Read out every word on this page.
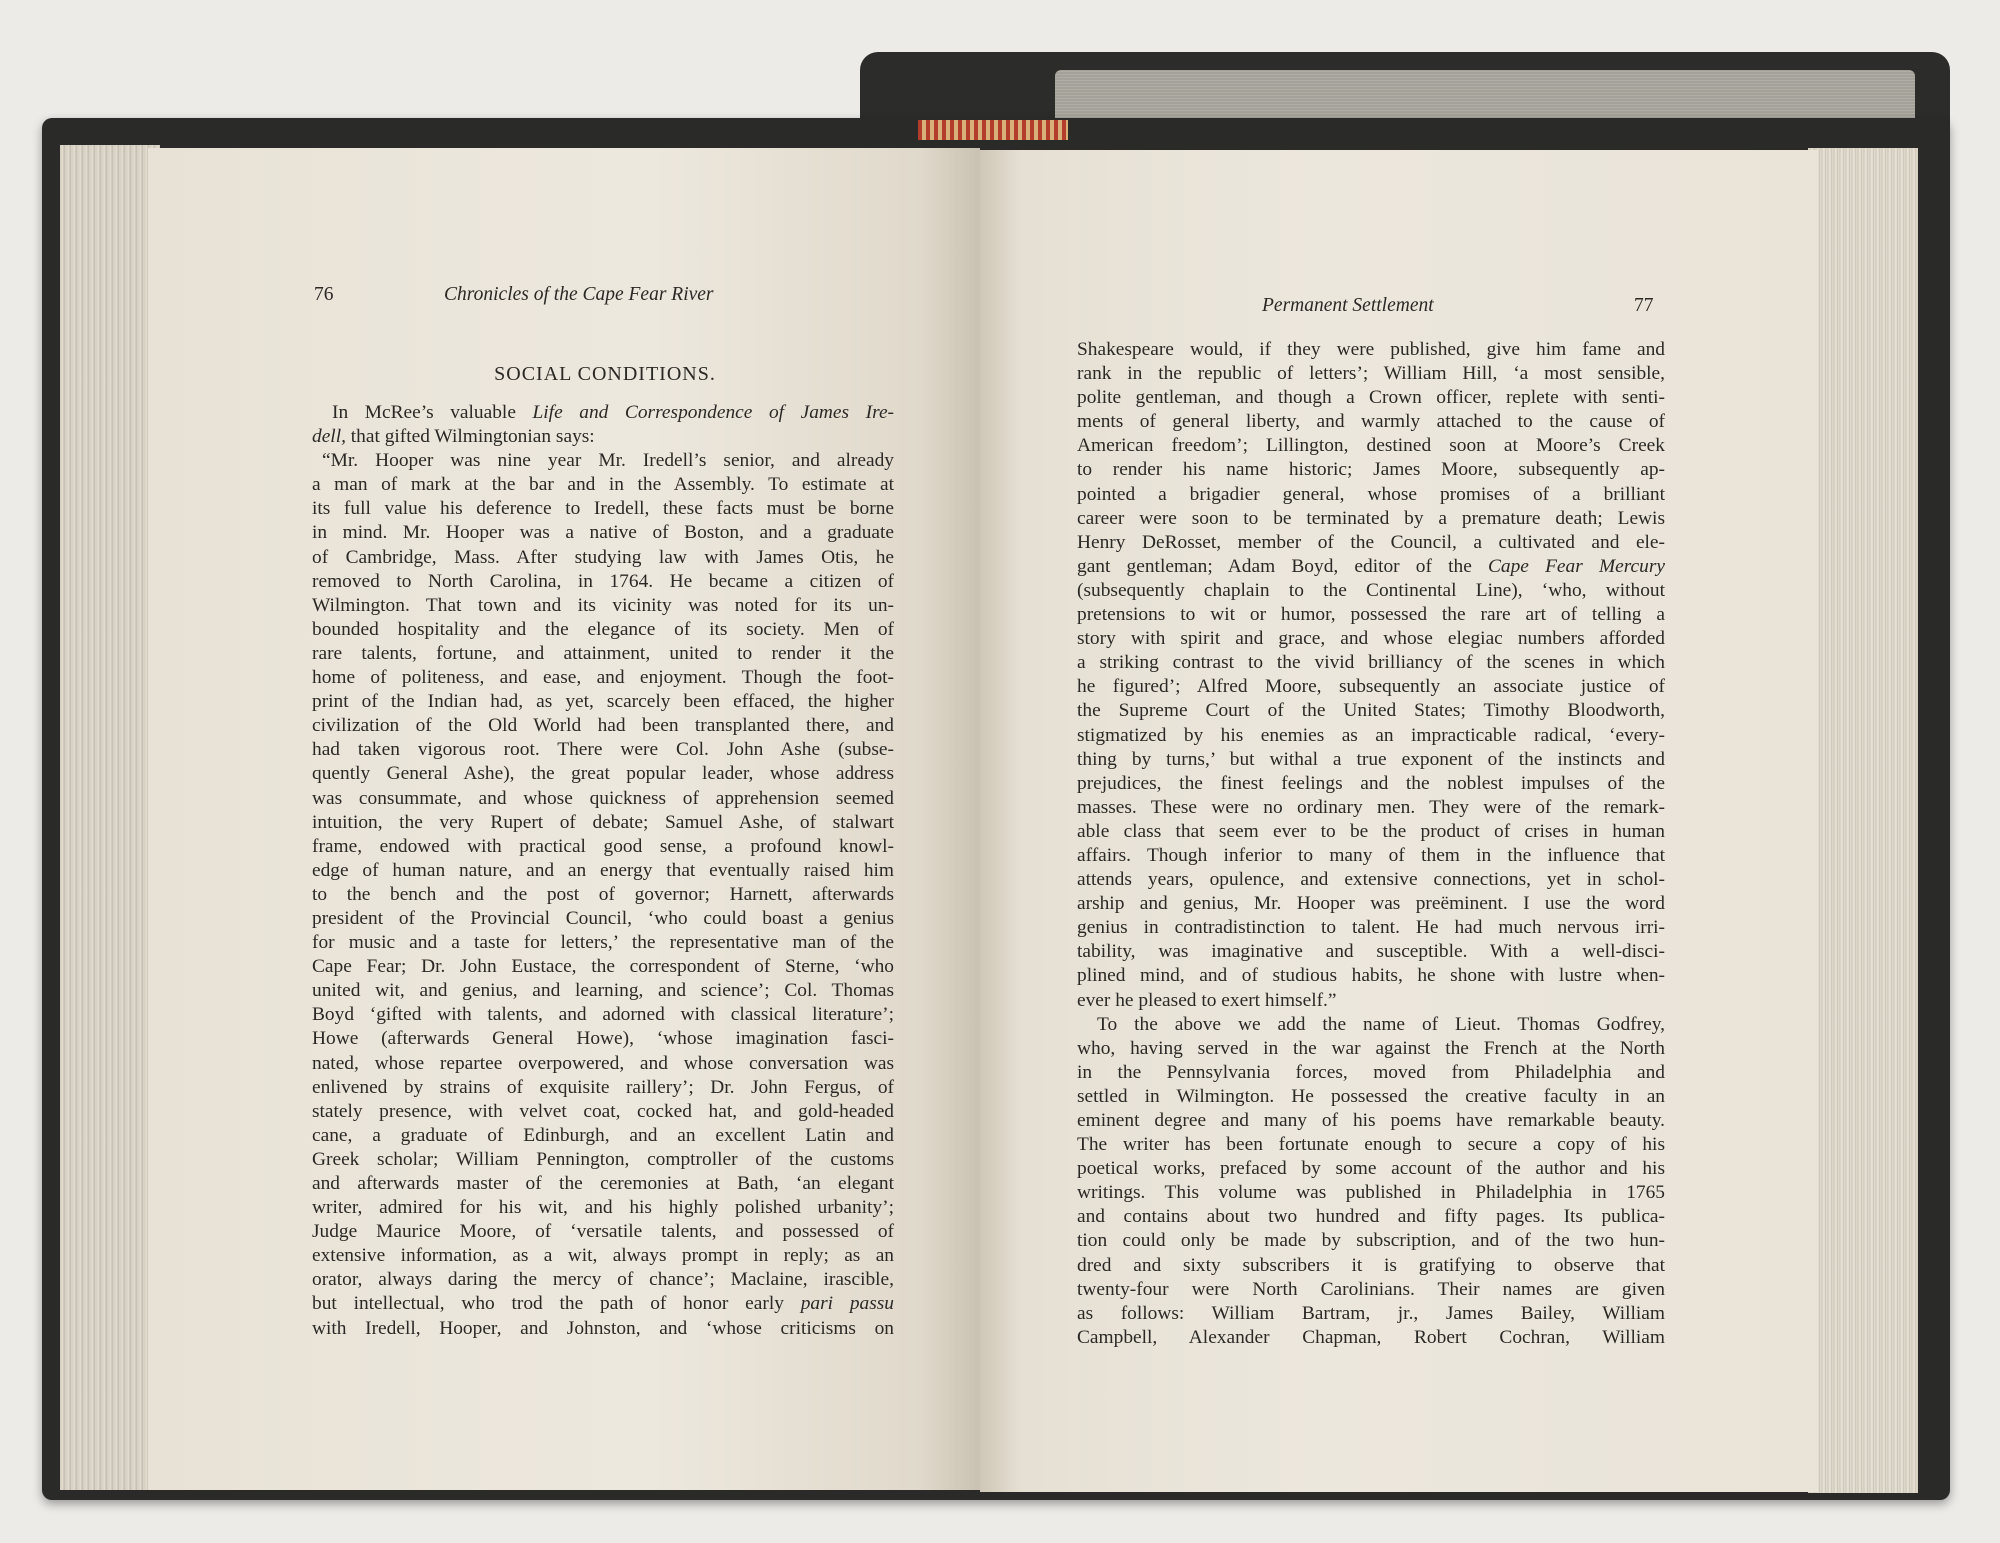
76	Chronicles of the Cape Fear River
SOCIAL CONDITIONS.
In McRee’s valuable Life and Correspondence of James Ire-
dell, that gifted Wilmingtonian says:
“Mr. Hooper was nine year Mr. Iredell’s senior, and already
a man of mark at the bar and in the Assembly. To estimate at
its full value his deference to Iredell, these facts must be borne
in mind. Mr. Hooper was a native of Boston, and a graduate
of Cambridge, Mass. After studying law with James Otis, he
removed to North Carolina, in 1764. He became a citizen of
Wilmington. That town and its vicinity was noted for its un-
bounded hospitality and the elegance of its society. Men of
rare talents, fortune, and attainment, united to render it the
home of politeness, and ease, and enjoyment. Though the foot-
print of the Indian had, as yet, scarcely been effaced, the higher
civilization of the Old World had been transplanted there, and
had taken vigorous root. There were Col. John Ashe (subse-
quently General Ashe), the great popular leader, whose address
was consummate, and whose quickness of apprehension seemed
intuition, the very Rupert of debate; Samuel Ashe, of stalwart
frame, endowed with practical good sense, a profound knowl-
edge of human nature, and an energy that eventually raised him
to the bench and the post of governor; Harnett, afterwards
president of the Provincial Council, ‘who could boast a genius
for music and a taste for letters,’ the representative man of the
Cape Fear; Dr. John Eustace, the correspondent of Sterne, ‘who
united wit, and genius, and learning, and science’; Col. Thomas
Boyd ‘gifted with talents, and adorned with classical literature’;
Howe (afterwards General Howe), ‘whose imagination fasci-
nated, whose repartee overpowered, and whose conversation was
enlivened by strains of exquisite raillery’; Dr. John Fergus, of
stately presence, with velvet coat, cocked hat, and gold-headed
cane, a graduate of Edinburgh, and an excellent Latin and
Greek scholar; William Pennington, comptroller of the customs
and afterwards master of the ceremonies at Bath, ‘an elegant
writer, admired for his wit, and his highly polished urbanity’;
Judge Maurice Moore, of ‘versatile talents, and possessed of
extensive information, as a wit, always prompt in reply; as an
orator, always daring the mercy of chance’; Maclaine, irascible,
but intellectual, who trod the path of honor early pari passu
with Iredell, Hooper, and Johnston, and ‘whose criticisms on
Permanent Settlement	77
Shakespeare would, if they were published, give him fame and
rank in the republic of letters’; William Hill, ‘a most sensible,
polite gentleman, and though a Crown officer, replete with senti-
ments of general liberty, and warmly attached to the cause of
American freedom’; Lillington, destined soon at Moore’s Creek
to render his name historic; James Moore, subsequently ap-
pointed a brigadier general, whose promises of a brilliant
career were soon to be terminated by a premature death; Lewis
Henry DeRosset, member of the Council, a cultivated and ele-
gant gentleman; Adam Boyd, editor of the Cape Fear Mercury
(subsequently chaplain to the Continental Line), ‘who, without
pretensions to wit or humor, possessed the rare art of telling a
story with spirit and grace, and whose elegiac numbers afforded
a striking contrast to the vivid brilliancy of the scenes in which
he figured’; Alfred Moore, subsequently an associate justice of
the Supreme Court of the United States; Timothy Bloodworth,
stigmatized by his enemies as an impracticable radical, ‘every-
thing by turns,’ but withal a true exponent of the instincts and
prejudices, the finest feelings and the noblest impulses of the
masses. These were no ordinary men. They were of the remark-
able class that seem ever to be the product of crises in human
affairs. Though inferior to many of them in the influence that
attends years, opulence, and extensive connections, yet in schol-
arship and genius, Mr. Hooper was preëminent. I use the word
genius in contradistinction to talent. He had much nervous irri-
tability, was imaginative and susceptible. With a well-disci-
plined mind, and of studious habits, he shone with lustre when-
ever he pleased to exert himself.”
To the above we add the name of Lieut. Thomas Godfrey,
who, having served in the war against the French at the North
in the Pennsylvania forces, moved from Philadelphia and
settled in Wilmington. He possessed the creative faculty in an
eminent degree and many of his poems have remarkable beauty.
The writer has been fortunate enough to secure a copy of his
poetical works, prefaced by some account of the author and his
writings. This volume was published in Philadelphia in 1765
and contains about two hundred and fifty pages. Its publica-
tion could only be made by subscription, and of the two hun-
dred and sixty subscribers it is gratifying to observe that
twenty-four were North Carolinians. Their names are given
as follows: William Bartram, jr., James Bailey, William
Campbell, Alexander Chapman, Robert Cochran, William
